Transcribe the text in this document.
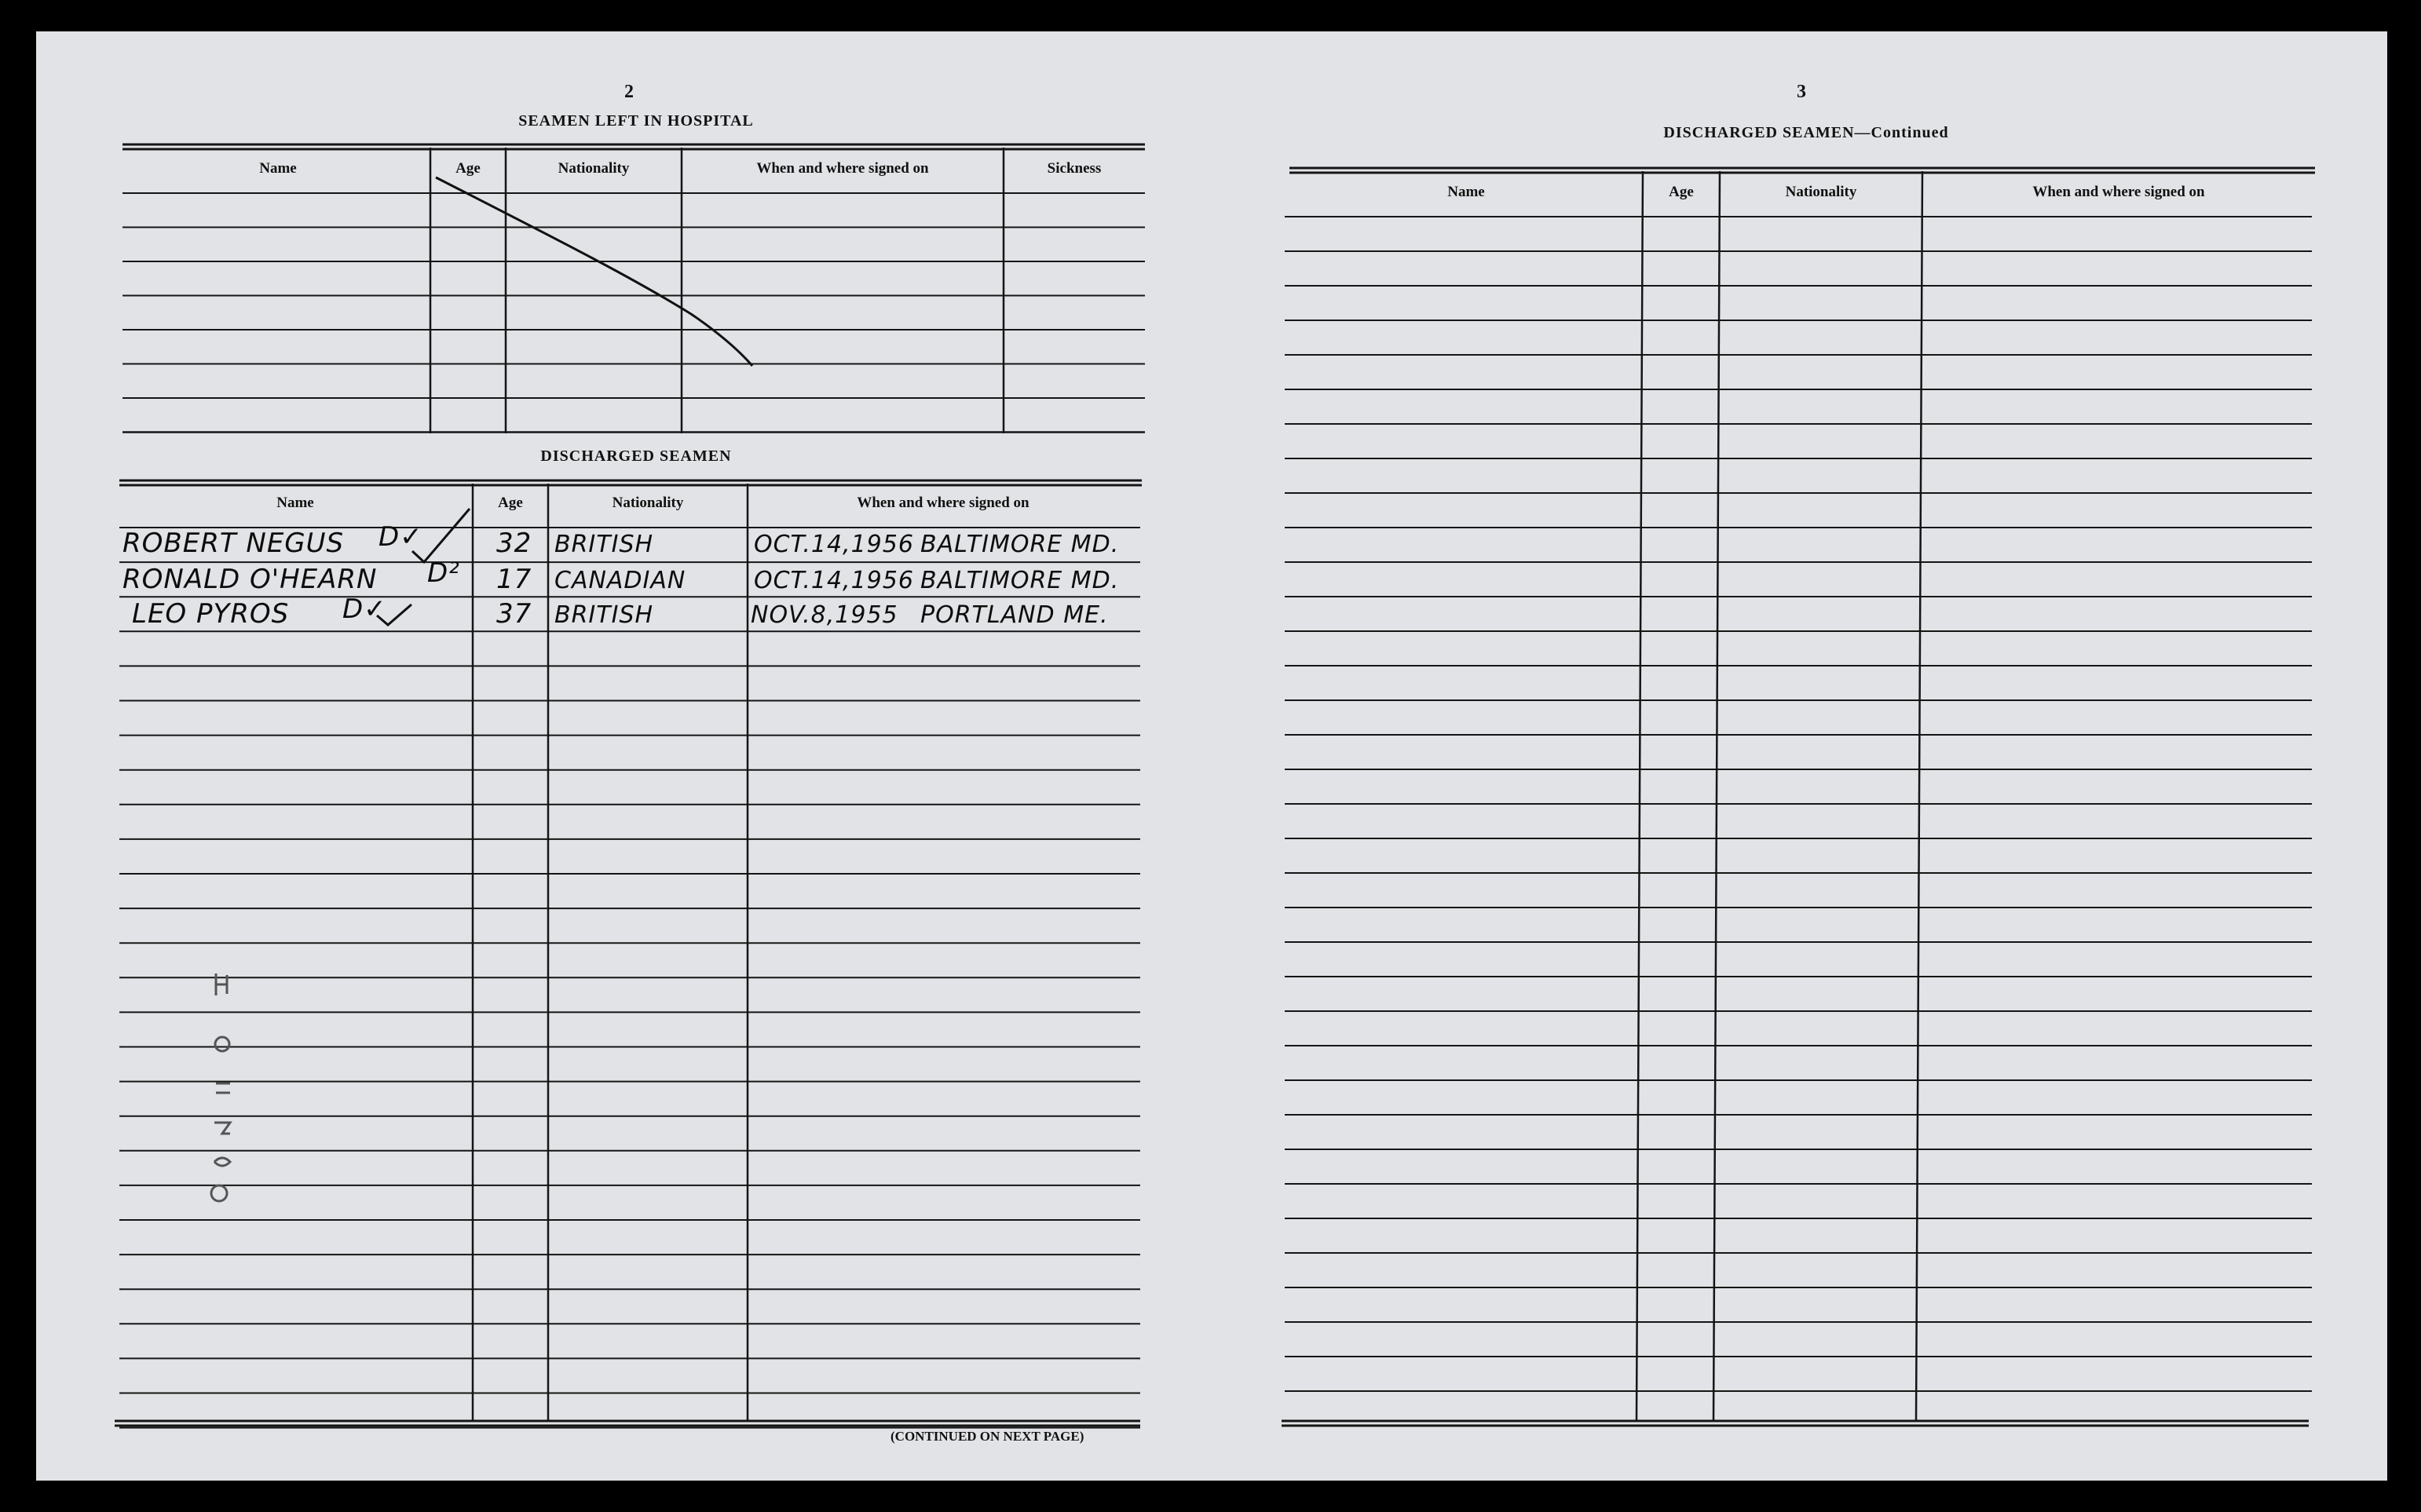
2
SEAMEN LEFT IN HOSPITAL
Name	Age	Nationality	When and where signed on	Sickness
DISCHARGED SEAMEN
Name	Age	Nationality	When and where signed on
ROBERT NEGUS D✓	32 BRITISH	OCT.14,1956 BALTIMORE MD.
RONALD O'HEARN D² 17 CANADIAN	OCT.14,1956 BALTIMORE MD.
LEO PYROS D✓	37 BRITISH	NOV.8,1955 PORTLAND ME.
(CONTINUED ON NEXT PAGE)
3
DISCHARGED SEAMEN—Continued
Name	Age	Nationality	When and where signed on
